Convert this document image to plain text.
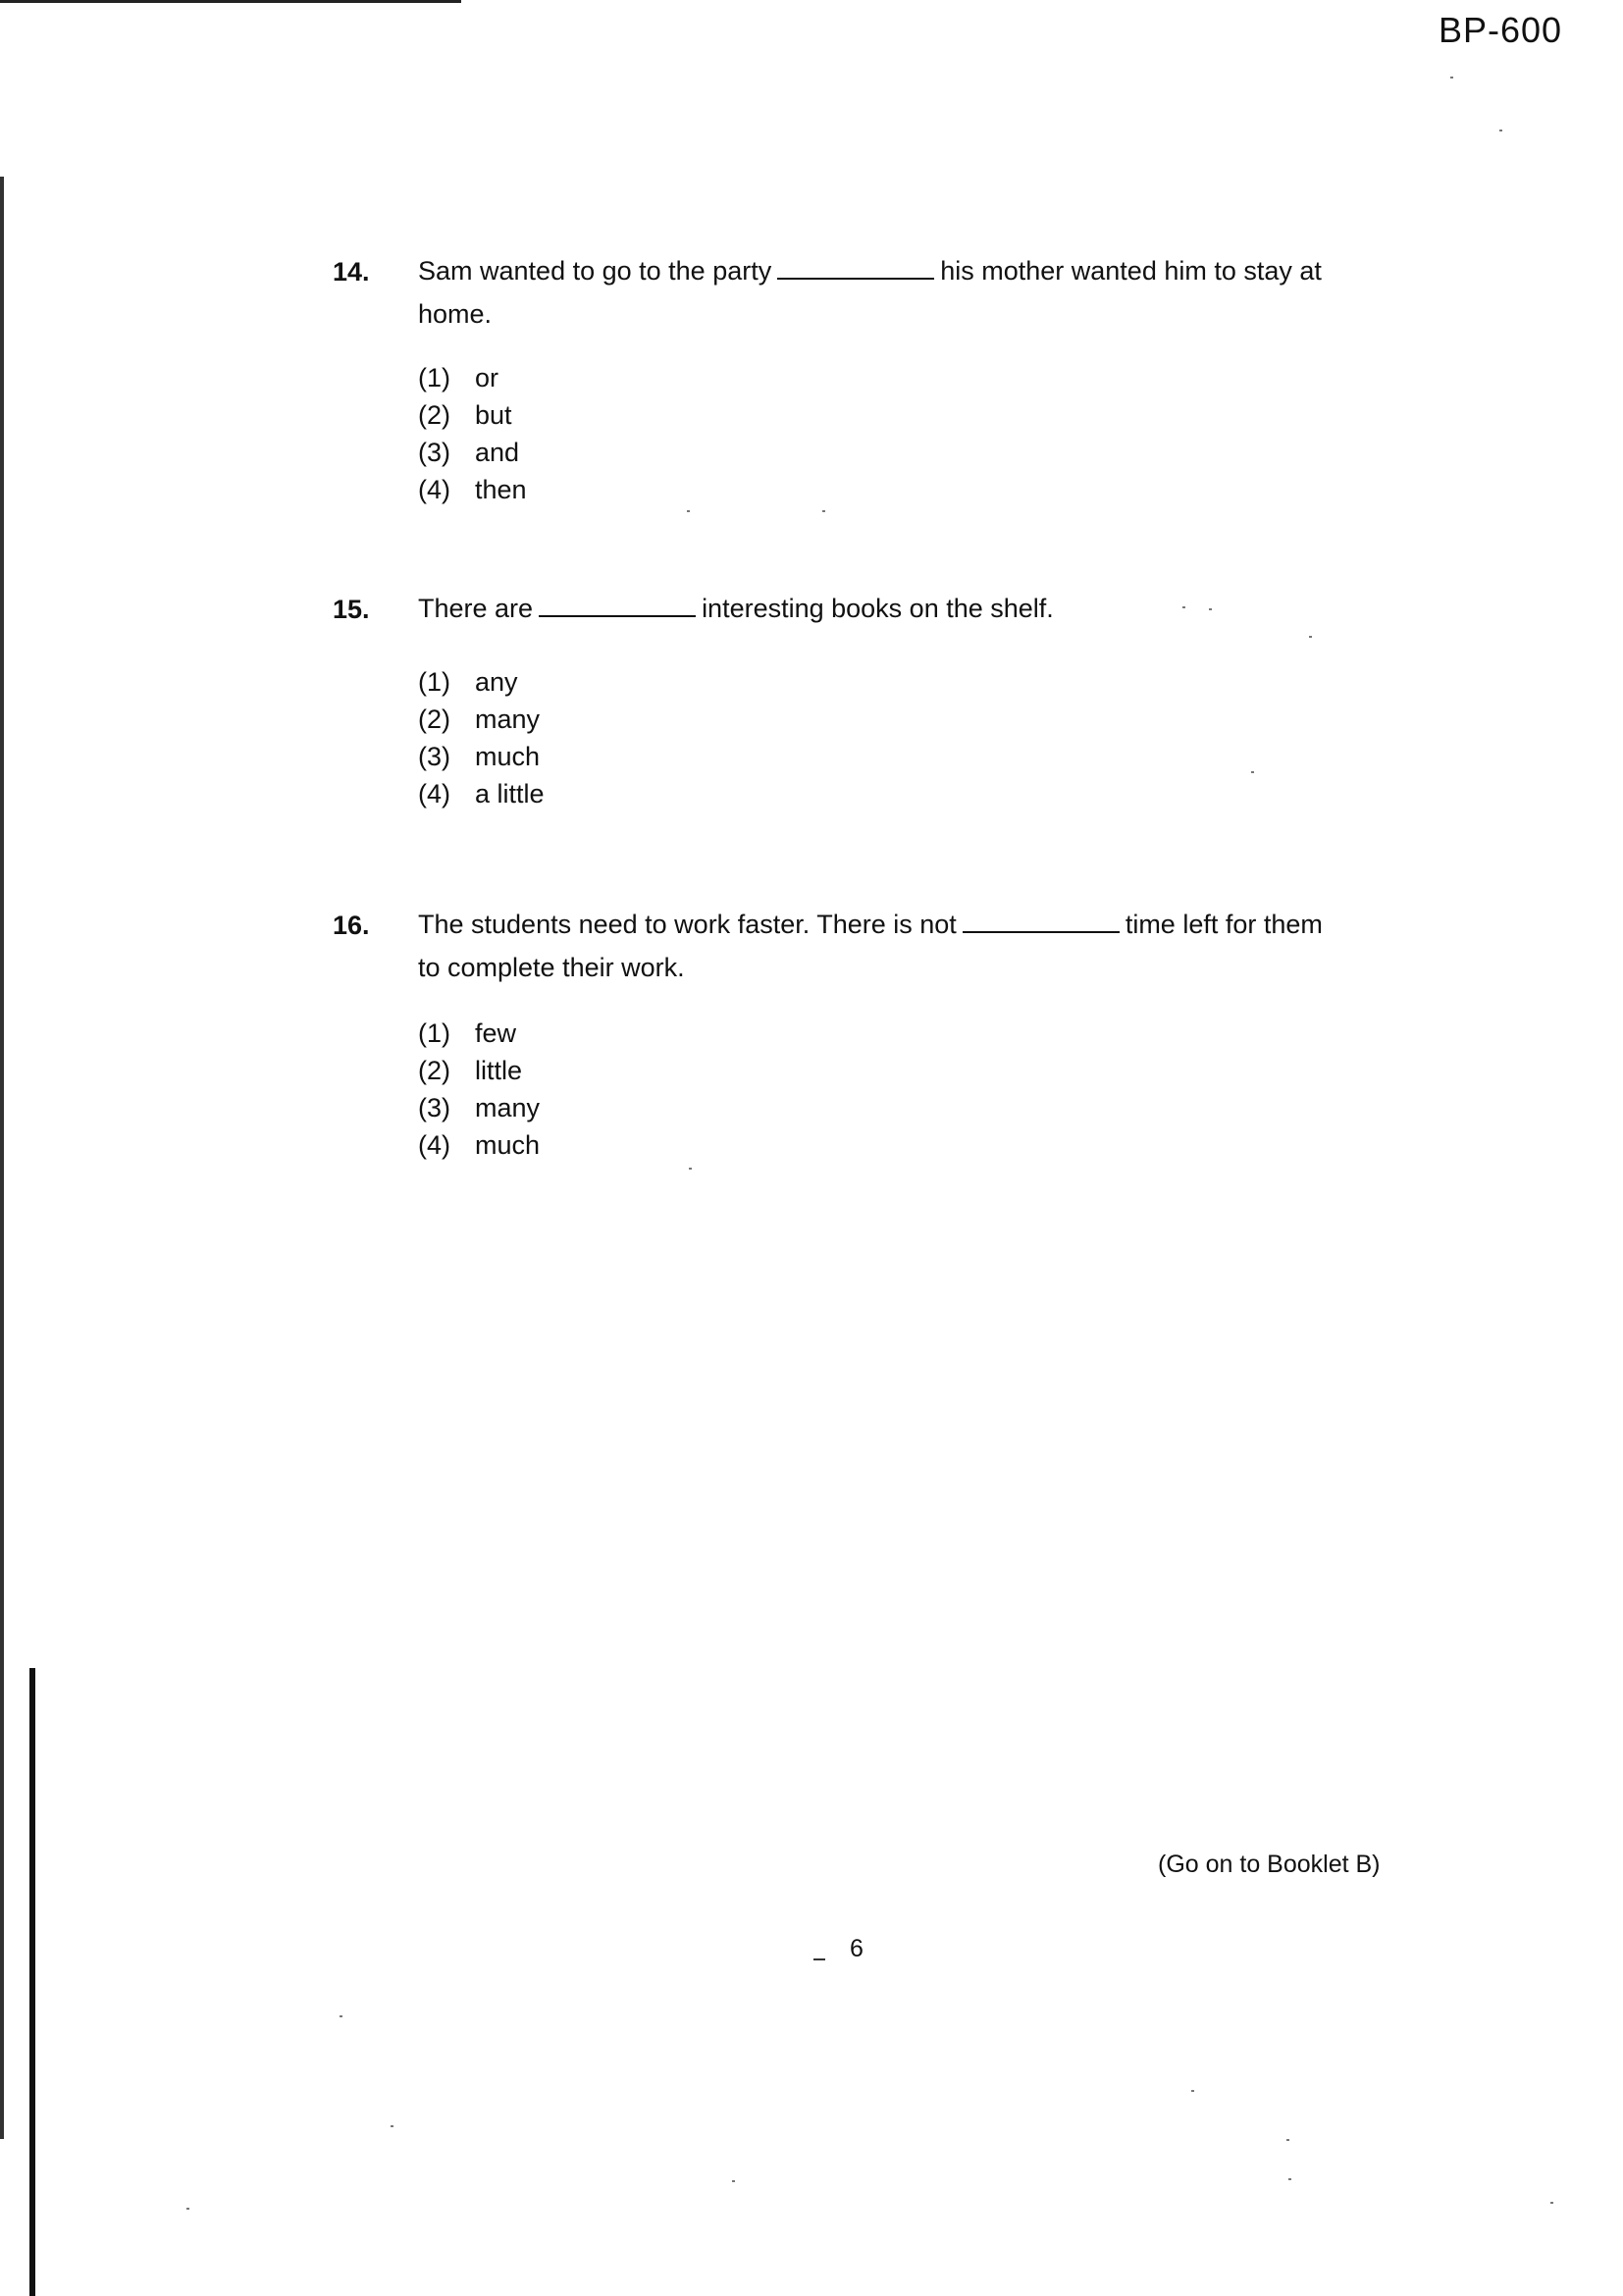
BP-600
14. Sam wanted to go to the party	his mother wanted him to stay at
home.
(1) or
(2) but
(3) and
(4) then
15. There are	interesting books on the shelf.
(1) any
(2) many
(3) much
(4) a little
16. The students need to work faster. There is not	time left for them
to complete their work.
(1) few
(2) little
(3) many
(4) much
(Go on to Booklet B)
6
